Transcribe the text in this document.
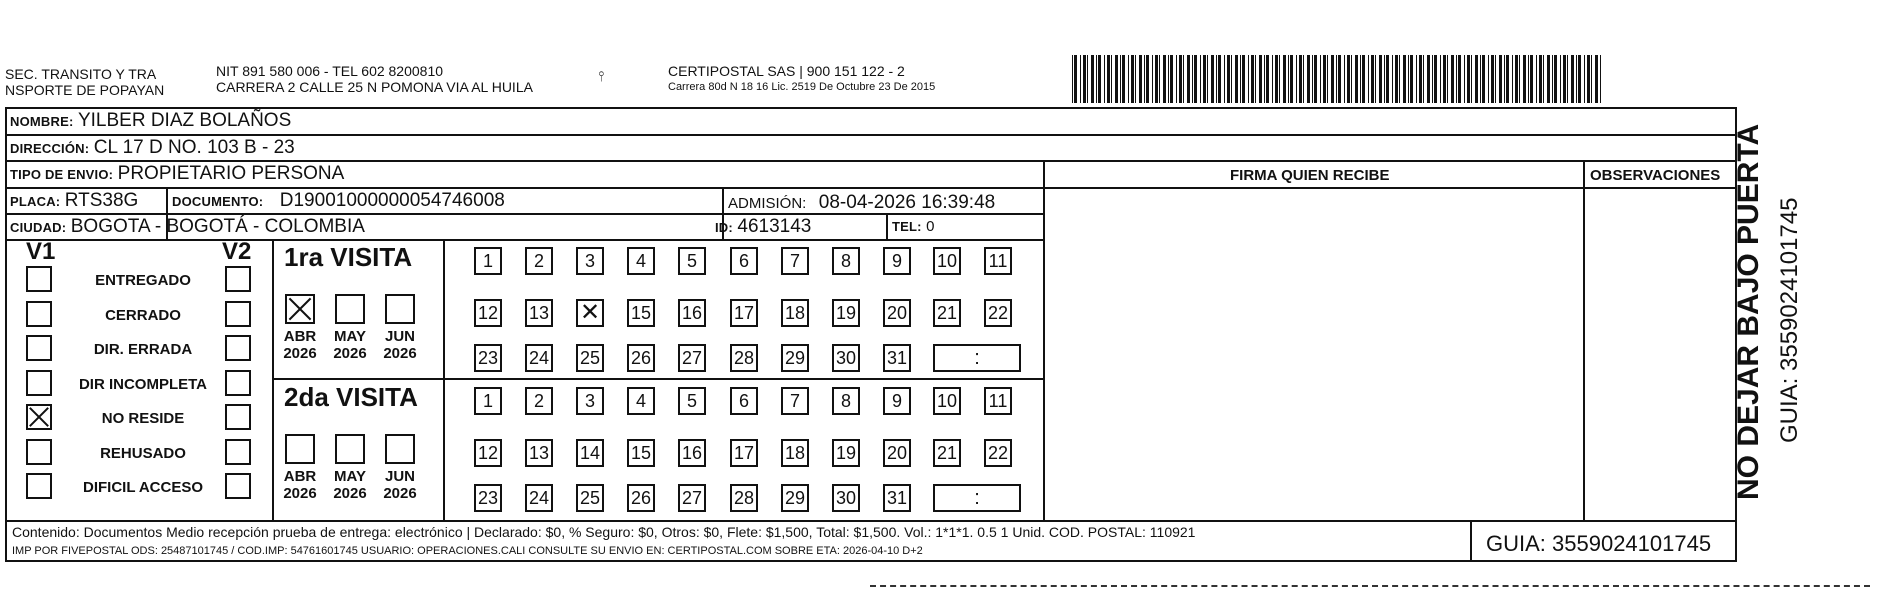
SEC. TRANSITO Y TRA
NSPORTE DE POPAYAN
NIT 891 580 006 - TEL 602 8200810
CARRERA 2 CALLE 25 N POMONA VIA AL HUILA
⫯	CERTIPOSTAL SAS | 900 151 122 - 2
Carrera 80d N 18 16 Lic. 2519 De Octubre 23 De 2015
NOMBRE: YILBER DIAZ BOLAÑOS
DIRECCIÓN: CL 17 D NO. 103 B - 23
TIPO DE ENVIO: PROPIETARIO PERSONA	FIRMA QUIEN RECIBE	OBSERVACIONES
PLACA: RTS38G	DOCUMENTO: D19001000000054746008	ADMISIÓN: 08-04-2026 16:39:48
CIUDAD: BOGOTA - BOGOTÁ - COLOMBIA	ID: 4613143	TEL: 0
V1	V2
ENTREGADO
CERRADO
DIR. ERRADA
DIR INCOMPLETA
NO RESIDE
REHUSADO
DIFICIL ACCESO
1ra VISITA
ABR
2026
MAY
2026
JUN
2026
1	2	3	4	5	6	7	8	9	10 11
12 13
✕	15 16 17 18 19 20 21 22
23 24 25 26 27 28 29 30 31	:
2da VISITA
ABR
2026
MAY
2026
JUN
2026
1	2	3	4	5	6	7	8	9	10 11
12 13 14 15 16 17 18 19 20 21 22
23 24 25 26 27 28 29 30 31	:
Contenido: Documentos Medio recepción prueba de entrega: electrónico | Declarado: $0, % Seguro: $0, Otros: $0, Flete: $1,500, Total: $1,500. Vol.: 1*1*1. 0.5 1 Unid. COD. POSTAL: 110921
IMP POR FIVEPOSTAL ODS: 25487101745 / COD.IMP: 54761601745 USUARIO: OPERACIONES.CALI CONSULTE SU ENVIO EN: CERTIPOSTAL.COM SOBRE ETA: 2026-04-10 D+2	GUIA: 3559024101745
NO DEJAR BAJO PUERTA GUIA: 3559024101745
